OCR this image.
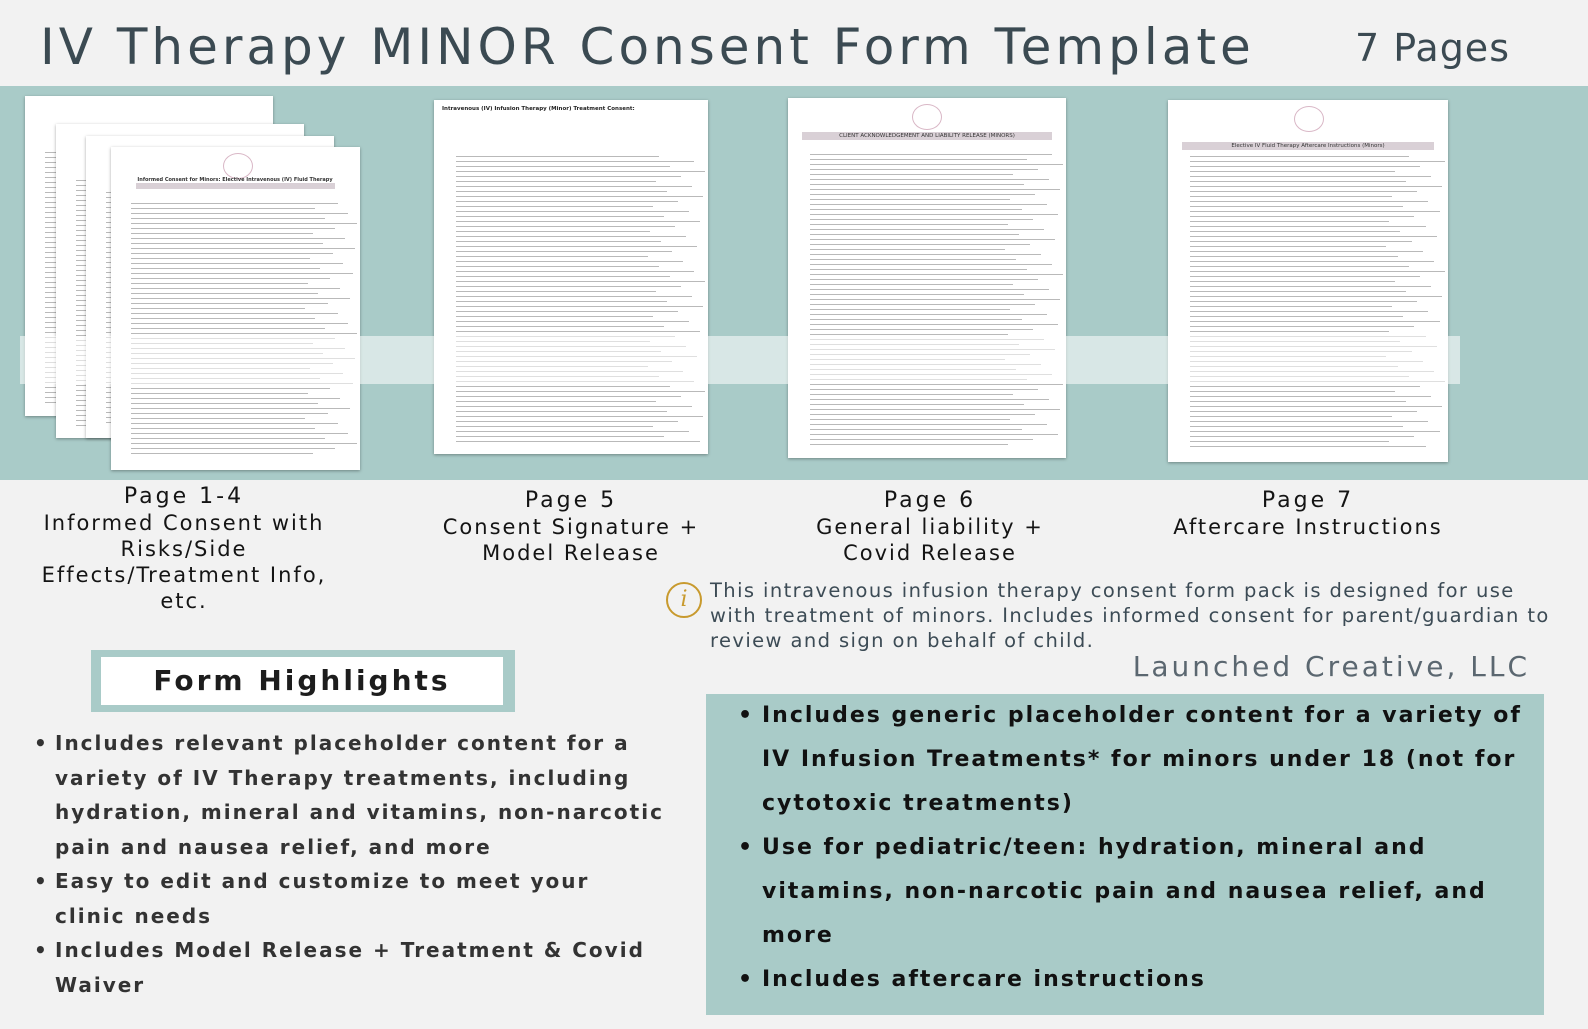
IV Therapy MINOR Consent Form Template	7 Pages
Informed Consent for Minors: Elective Intravenous (IV) Fluid Therapy
Intravenous (IV) Infusion Therapy (Minor) Treatment Consent:
CLIENT ACKNOWLEDGEMENT AND LIABILITY RELEASE (MINORS)
Elective IV Fluid Therapy Aftercare Instructions (Minors)
Page 1-4
Informed Consent with Risks/Side Effects/Treatment Info, etc.
Page 5
Consent Signature + Model Release
Page 6
General liability + Covid Release
Page 7
Aftercare Instructions
i	This intravenous infusion therapy consent form pack is designed for use with treatment of minors. Includes informed consent for parent/guardian to review and sign on behalf of child.
Launched Creative, LLC
Form Highlights
• Includes relevant placeholder content for a variety of IV Therapy treatments, including hydration, mineral and vitamins, non-narcotic pain and nausea relief, and more
• Easy to edit and customize to meet your clinic needs
• Includes Model Release + Treatment & Covid Waiver
• Includes generic placeholder content for a variety of IV Infusion Treatments* for minors under 18 (not for cytotoxic treatments)
• Use for pediatric/teen: hydration, mineral and vitamins, non-narcotic pain and nausea relief, and more
• Includes aftercare instructions
